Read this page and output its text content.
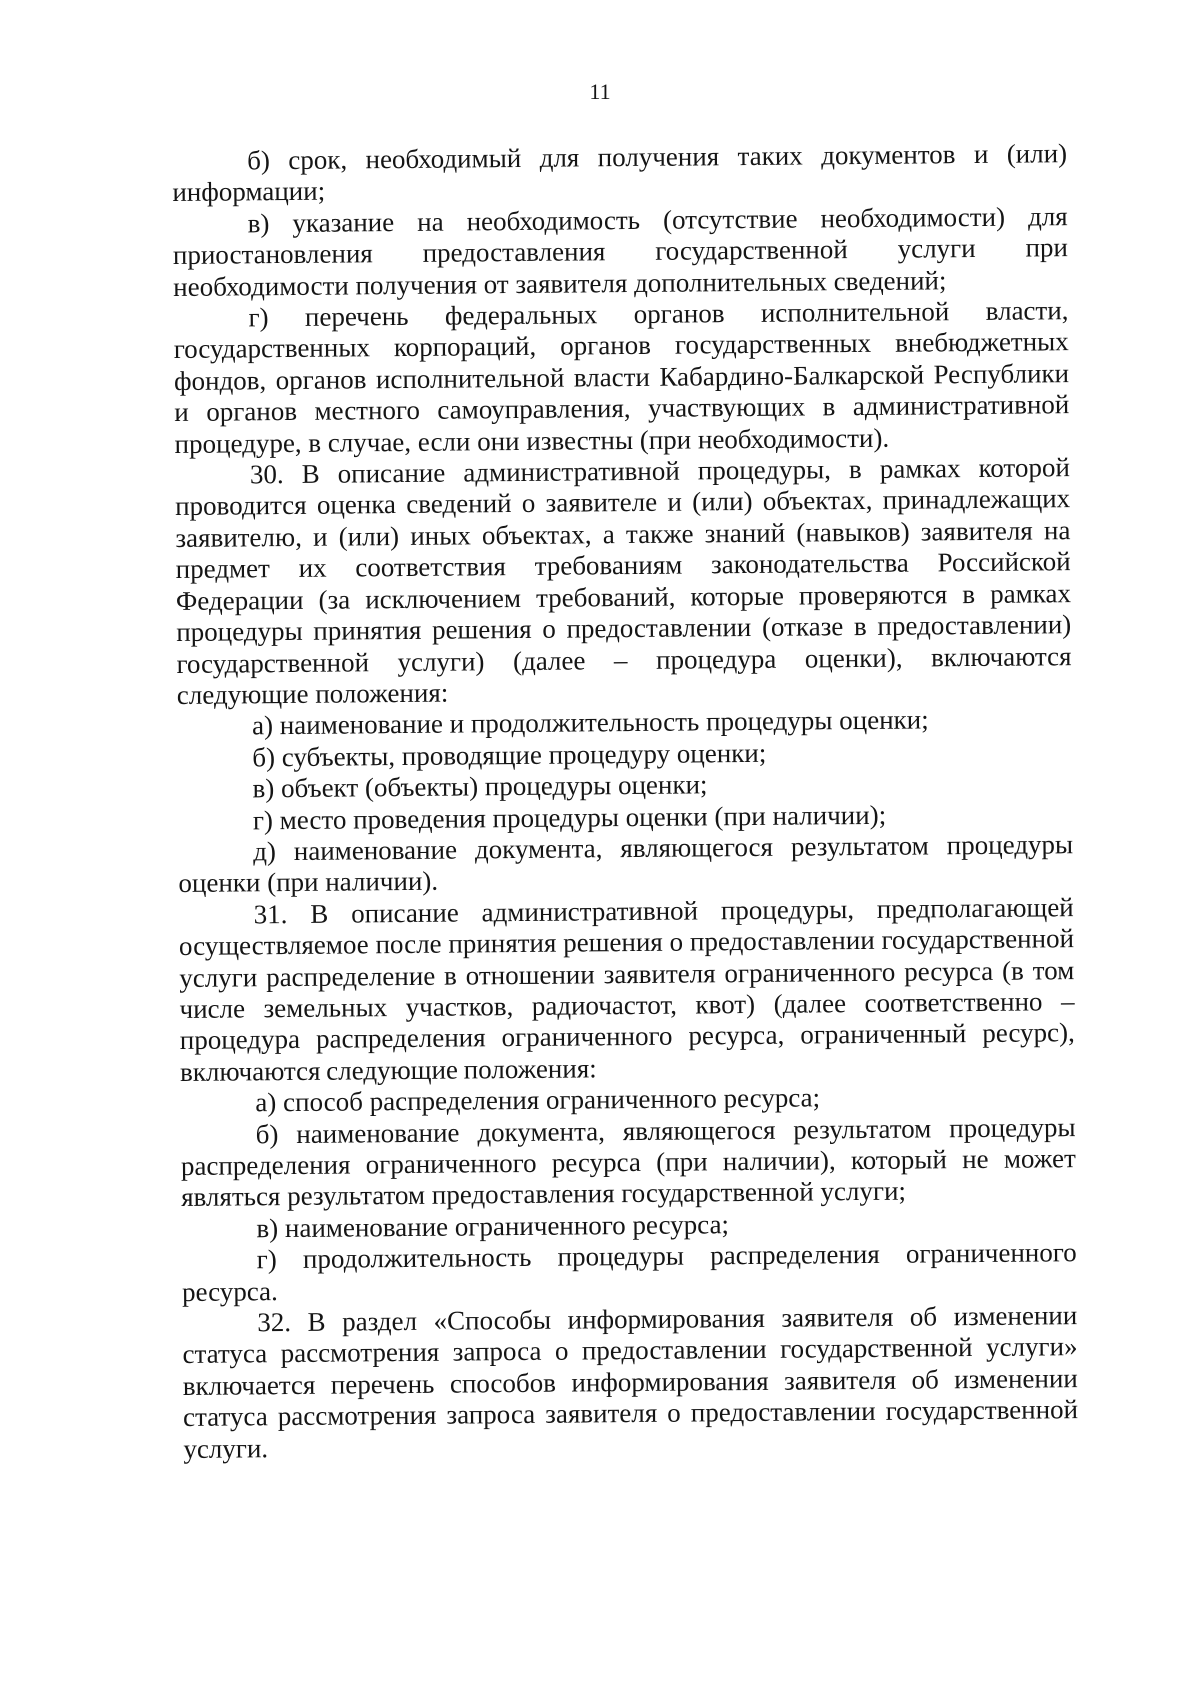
11

б) срок, необходимый для получения таких документов и (или) информации;

в) указание на необходимость (отсутствие необходимости) для приостановления предоставления государственной услуги при необходимости получения от заявителя дополнительных сведений;

г) перечень федеральных органов исполнительной власти, государственных корпораций, органов государственных внебюджетных фондов, органов исполнительной власти Кабардино-Балкарской Республики и органов местного самоуправления, участвующих в административной процедуре, в случае, если они известны (при необходимости).

30. В описание административной процедуры, в рамках которой проводится оценка сведений о заявителе и (или) объектах, принадлежащих заявителю, и (или) иных объектах, а также знаний (навыков) заявителя на предмет их соответствия требованиям законодательства Российской Федерации (за исключением требований, которые проверяются в рамках процедуры принятия решения о предоставлении (отказе в предоставлении) государственной услуги) (далее – процедура оценки), включаются следующие положения:

а) наименование и продолжительность процедуры оценки;

б) субъекты, проводящие процедуру оценки;

в) объект (объекты) процедуры оценки;

г) место проведения процедуры оценки (при наличии);

д) наименование документа, являющегося результатом процедуры оценки (при наличии).

31. В описание административной процедуры, предполагающей осуществляемое после принятия решения о предоставлении государственной услуги распределение в отношении заявителя ограниченного ресурса (в том числе земельных участков, радиочастот, квот) (далее соответственно – процедура распределения ограниченного ресурса, ограниченный ресурс), включаются следующие положения:

а) способ распределения ограниченного ресурса;

б) наименование документа, являющегося результатом процедуры распределения ограниченного ресурса (при наличии), который не может являться результатом предоставления государственной услуги;

в) наименование ограниченного ресурса;

г) продолжительность процедуры распределения ограниченного ресурса.

32. В раздел «Способы информирования заявителя об изменении статуса рассмотрения запроса о предоставлении государственной услуги» включается перечень способов информирования заявителя об изменении статуса рассмотрения запроса заявителя о предоставлении государственной услуги.
